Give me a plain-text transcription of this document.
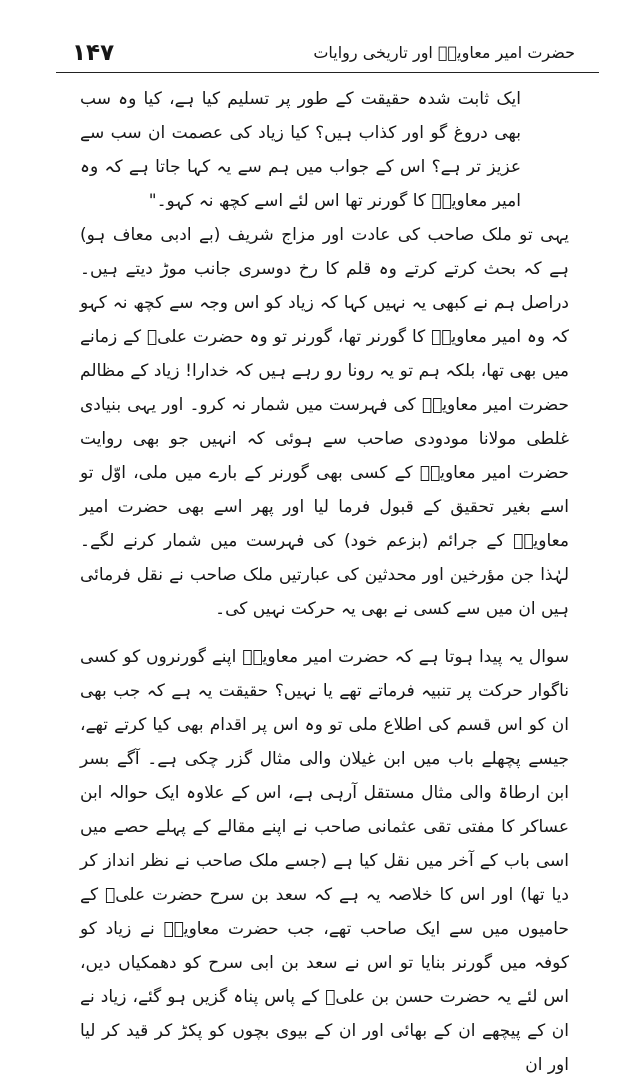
۱۴۷	حضرت امیر معاویہؓ اور تاریخی روایات

ایک ثابت شدہ حقیقت کے طور پر تسلیم کیا ہے، کیا وہ سب بھی دروغ گو اور کذاب ہیں؟ کیا زیاد کی عصمت ان سب سے عزیز تر ہے؟ اس کے جواب میں ہم سے یہ کہا جاتا ہے کہ وہ امیر معاویہؓ کا گورنر تھا اس لئے اسے کچھ نہ کہو۔"

یہی تو ملک صاحب کی عادت اور مزاج شریف (بے ادبی معاف ہو) ہے کہ بحث کرتے کرتے وہ قلم کا رخ دوسری جانب موڑ دیتے ہیں۔ دراصل ہم نے کبھی یہ نہیں کہا کہ زیاد کو اس وجہ سے کچھ نہ کہو کہ وہ امیر معاویہؓ کا گورنر تھا، گورنر تو وہ حضرت علیؓ کے زمانے میں بھی تھا، بلکہ ہم تو یہ رونا رو رہے ہیں کہ خدارا! زیاد کے مظالم حضرت امیر معاویہؓ کی فہرست میں شمار نہ کرو۔ اور یہی بنیادی غلطی مولانا مودودی صاحب سے ہوئی کہ انہیں جو بھی روایت حضرت امیر معاویہؓ کے کسی بھی گورنر کے بارے میں ملی، اوّل تو اسے بغیر تحقیق کے قبول فرما لیا اور پھر اسے بھی حضرت امیر معاویہؓ کے جرائم (بزعم خود) کی فہرست میں شمار کرنے لگے۔ لہٰذا جن مؤرخین اور محدثین کی عبارتیں ملک صاحب نے نقل فرمائی ہیں ان میں سے کسی نے بھی یہ حرکت نہیں کی۔

سوال یہ پیدا ہوتا ہے کہ حضرت امیر معاویہؓ اپنے گورنروں کو کسی ناگوار حرکت پر تنبیہ فرماتے تھے یا نہیں؟ حقیقت یہ ہے کہ جب بھی ان کو اس قسم کی اطلاع ملی تو وہ اس پر اقدام بھی کیا کرتے تھے، جیسے پچھلے باب میں ابن غیلان والی مثال گزر چکی ہے۔ آگے بسر ابن ارطاۃ والی مثال مستقل آرہی ہے، اس کے علاوہ ایک حوالہ ابن عساکر کا مفتی تقی عثمانی صاحب نے اپنے مقالے کے پہلے حصے میں اسی باب کے آخر میں نقل کیا ہے (جسے ملک صاحب نے نظر انداز کر دیا تھا) اور اس کا خلاصہ یہ ہے کہ سعد بن سرح حضرت علیؓ کے حامیوں میں سے ایک صاحب تھے، جب حضرت معاویہؓ نے زیاد کو کوفہ میں گورنر بنایا تو اس نے سعد بن ابی سرح کو دھمکیاں دیں، اس لئے یہ حضرت حسن بن علیؓ کے پاس پناہ گزیں ہو گئے، زیاد نے ان کے پیچھے ان کے بھائی اور ان کے بیوی بچوں کو پکڑ کر قید کر لیا اور ان
